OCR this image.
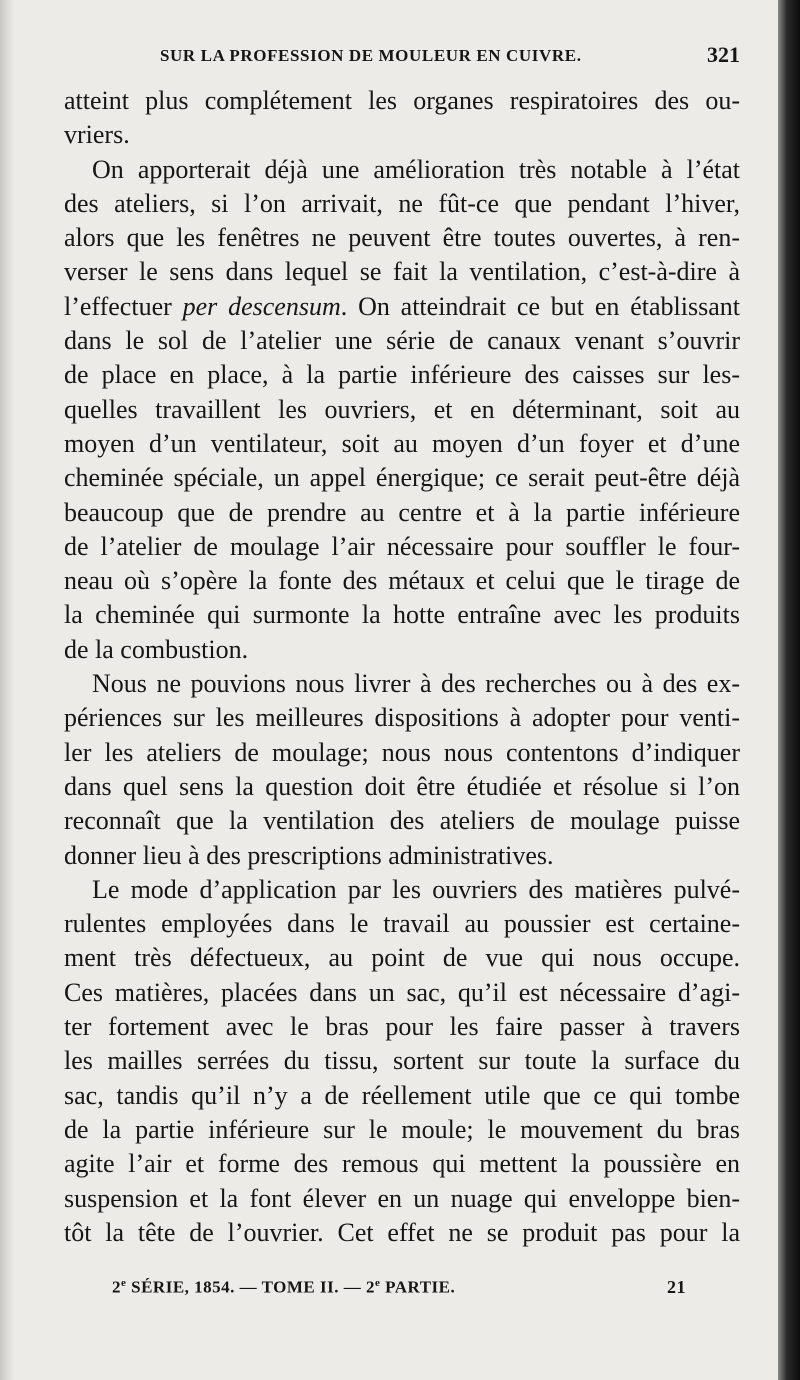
SUR LA PROFESSION DE MOULEUR EN CUIVRE.	321
atteint plus complétement les organes respiratoires des ou-
vriers.
On apporterait déjà une amélioration très notable à l’état
des ateliers, si l’on arrivait, ne fût-ce que pendant l’hiver,
alors que les fenêtres ne peuvent être toutes ouvertes, à ren-
verser le sens dans lequel se fait la ventilation, c’est-à-dire à
l’effectuer per descensum. On atteindrait ce but en établissant
dans le sol de l’atelier une série de canaux venant s’ouvrir
de place en place, à la partie inférieure des caisses sur les-
quelles travaillent les ouvriers, et en déterminant, soit au
moyen d’un ventilateur, soit au moyen d’un foyer et d’une
cheminée spéciale, un appel énergique; ce serait peut-être déjà
beaucoup que de prendre au centre et à la partie inférieure
de l’atelier de moulage l’air nécessaire pour souffler le four-
neau où s’opère la fonte des métaux et celui que le tirage de
la cheminée qui surmonte la hotte entraîne avec les produits
de la combustion.
Nous ne pouvions nous livrer à des recherches ou à des ex-
périences sur les meilleures dispositions à adopter pour venti-
ler les ateliers de moulage; nous nous contentons d’indiquer
dans quel sens la question doit être étudiée et résolue si l’on
reconnaît que la ventilation des ateliers de moulage puisse
donner lieu à des prescriptions administratives.
Le mode d’application par les ouvriers des matières pulvé-
rulentes employées dans le travail au poussier est certaine-
ment très défectueux, au point de vue qui nous occupe.
Ces matières, placées dans un sac, qu’il est nécessaire d’agi-
ter fortement avec le bras pour les faire passer à travers
les mailles serrées du tissu, sortent sur toute la surface du
sac, tandis qu’il n’y a de réellement utile que ce qui tombe
de la partie inférieure sur le moule; le mouvement du bras
agite l’air et forme des remous qui mettent la poussière en
suspension et la font élever en un nuage qui enveloppe bien-
tôt la tête de l’ouvrier. Cet effet ne se produit pas pour la
2e SÉRIE, 1854. — TOME II. — 2e PARTIE.	21
